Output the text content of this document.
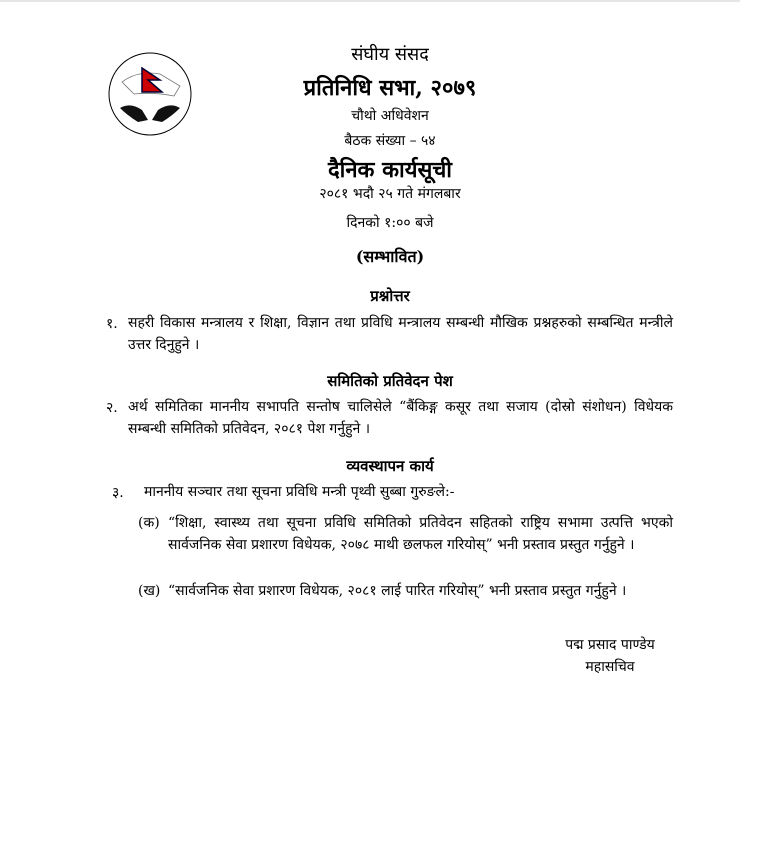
संघीय संसद
प्रतिनिधि सभा, २०७९
चौथो अधिवेशन
बैठक संख्या – ५४
दैनिक कार्यसूची
२०८१ भदौ २५ गते मंगलबार
दिनको १:०० बजे
(सम्भावित)
प्रश्नोत्तर
१. सहरी विकास मन्त्रालय र शिक्षा, विज्ञान तथा प्रविधि मन्त्रालय सम्बन्धी मौखिक प्रश्नहरुको सम्बन्धित मन्त्रीले उत्तर दिनुहुने ।
समितिको प्रतिवेदन पेश
२. अर्थ समितिका माननीय सभापति सन्तोष चालिसेले “बैंकिङ्ग कसूर तथा सजाय (दोस्रो संशोधन) विधेयक सम्बन्धी समितिको प्रतिवेदन, २०८१ पेश गर्नुहुने ।
व्यवस्थापन कार्य
३. माननीय सञ्चार तथा सूचना प्रविधि मन्त्री पृथ्वी सुब्बा गुरुङले:-
(क) “शिक्षा, स्वास्थ्य तथा सूचना प्रविधि समितिको प्रतिवेदन सहितको राष्ट्रिय सभामा उत्पत्ति भएको सार्वजनिक सेवा प्रशारण विधेयक, २०७८ माथी छलफल गरियोस्” भनी प्रस्ताव प्रस्तुत गर्नुहुने ।
(ख) “सार्वजनिक सेवा प्रशारण विधेयक, २०८१ लाई पारित गरियोस्” भनी प्रस्ताव प्रस्तुत गर्नुहुने ।
पद्म प्रसाद पाण्डेय
महासचिव
